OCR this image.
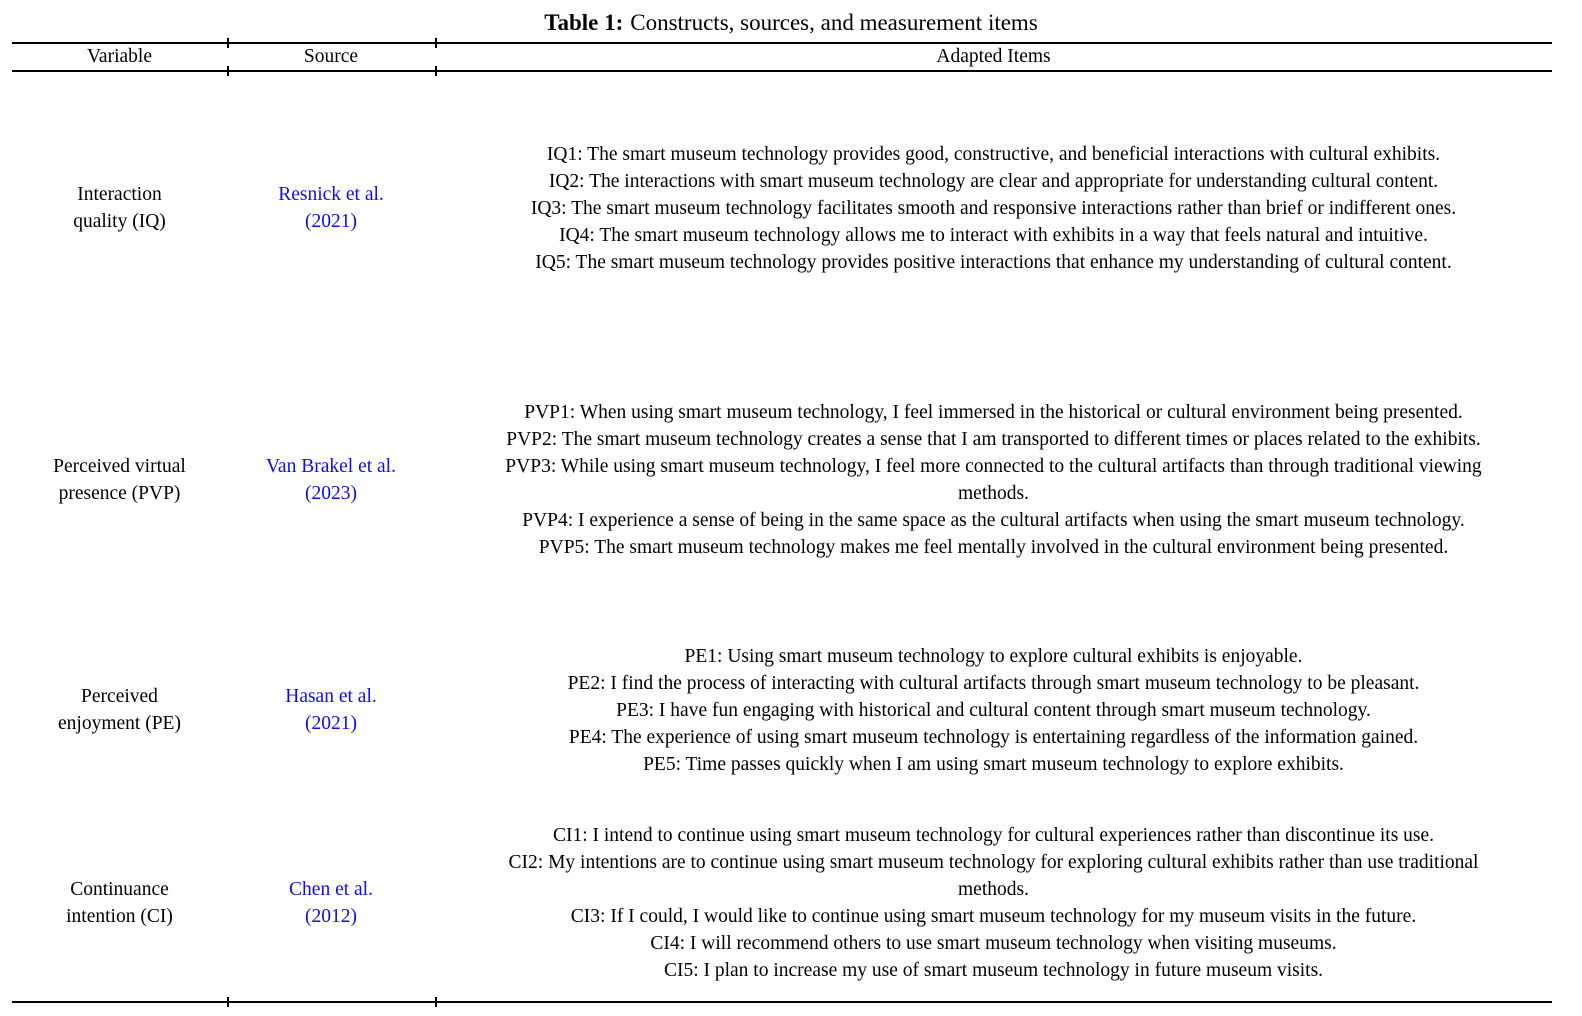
Table 1: Constructs, sources, and measurement items
Variable	Source	Adapted Items
Interaction
quality (IQ)
Resnick et al.
(2021)

IQ1: The smart museum technology provides good, constructive, and beneficial interactions with cultural exhibits.

IQ2: The interactions with smart museum technology are clear and appropriate for understanding cultural content.

IQ3: The smart museum technology facilitates smooth and responsive interactions rather than brief or indifferent ones.

IQ4: The smart museum technology allows me to interact with exhibits in a way that feels natural and intuitive.

IQ5: The smart museum technology provides positive interactions that enhance my understanding of cultural content.

Perceived virtual
presence (PVP)
Van Brakel et al.
(2023)

PVP1: When using smart museum technology, I feel immersed in the historical or cultural environment being presented.

PVP2: The smart museum technology creates a sense that I am transported to different times or places related to the exhibits.

PVP3: While using smart museum technology, I feel more connected to the cultural artifacts than through traditional viewing methods.

PVP4: I experience a sense of being in the same space as the cultural artifacts when using the smart museum technology.

PVP5: The smart museum technology makes me feel mentally involved in the cultural environment being presented.

Perceived
enjoyment (PE)
Hasan et al.
(2021)

PE1: Using smart museum technology to explore cultural exhibits is enjoyable.

PE2: I find the process of interacting with cultural artifacts through smart museum technology to be pleasant.

PE3: I have fun engaging with historical and cultural content through smart museum technology.

PE4: The experience of using smart museum technology is entertaining regardless of the information gained.

PE5: Time passes quickly when I am using smart museum technology to explore exhibits.

Continuance
intention (CI)
Chen et al.
(2012)

CI1: I intend to continue using smart museum technology for cultural experiences rather than discontinue its use.

CI2: My intentions are to continue using smart museum technology for exploring cultural exhibits rather than use traditional methods.

CI3: If I could, I would like to continue using smart museum technology for my museum visits in the future.

CI4: I will recommend others to use smart museum technology when visiting museums.

CI5: I plan to increase my use of smart museum technology in future museum visits.
